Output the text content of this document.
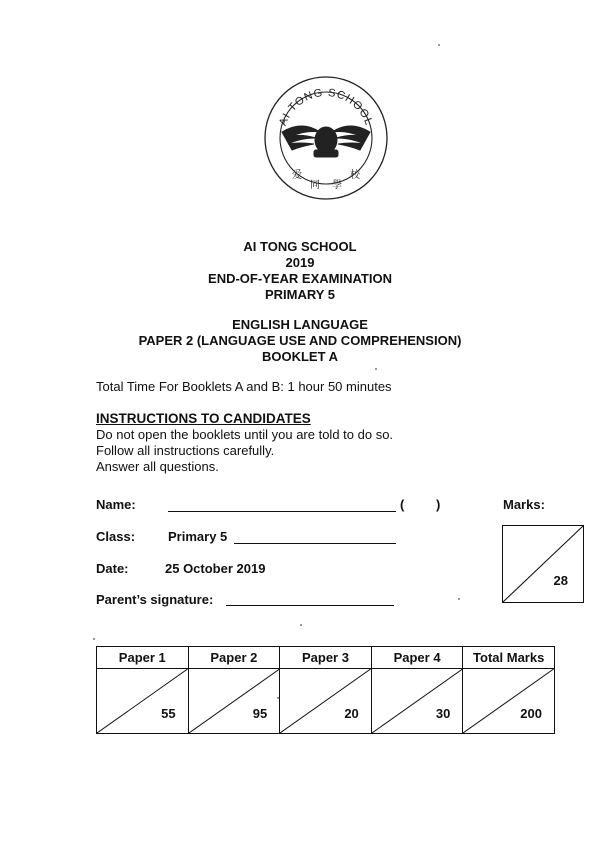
AI TONG SCHOOL
爱
同 學
校
AI TONG SCHOOL
2019
END-OF-YEAR EXAMINATION
PRIMARY 5
ENGLISH LANGUAGE
PAPER 2 (LANGUAGE USE AND COMPREHENSION)
BOOKLET A
Total Time For Booklets A and B: 1 hour 50 minutes
INSTRUCTIONS TO CANDIDATES
Do not open the booklets until you are told to do so.
Follow all instructions carefully.
Answer all questions.
Name:	( )	Marks:
28
Class:	Primary 5
Date:	25 October 2019
Parent’s signature:
Paper 1	Paper 2	Paper 3	Paper 4	Total Marks

55	95	20	30	200
